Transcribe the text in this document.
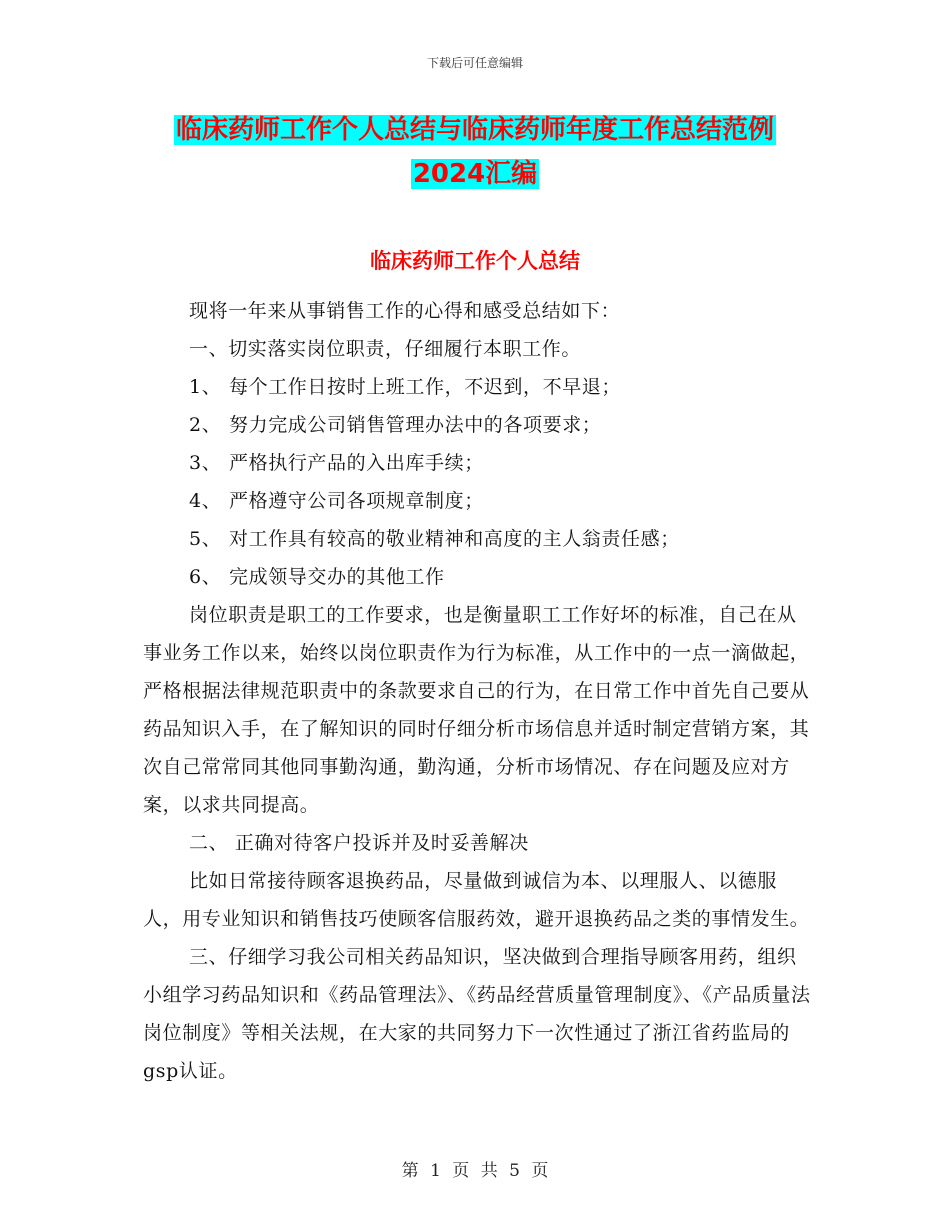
下载后可任意编辑
临床药师工作个人总结与临床药师年度工作总结范例
2024汇编
临床药师工作个人总结

现将一年来从事销售工作的心得和感受总结如下：

一、切实落实岗位职责，仔细履行本职工作。

1、 每个工作日按时上班工作，不迟到，不早退；

2、 努力完成公司销售管理办法中的各项要求；

3、 严格执行产品的入出库手续；

4、 严格遵守公司各项规章制度；

5、 对工作具有较高的敬业精神和高度的主人翁责任感；

6、 完成领导交办的其他工作

岗位职责是职工的工作要求，也是衡量职工工作好坏的标准，自己在从事业务工作以来，始终以岗位职责作为行为标准，从工作中的一点一滴做起，严格根据法律规范职责中的条款要求自己的行为，在日常工作中首先自己要从药品知识入手，在了解知识的同时仔细分析市场信息并适时制定营销方案，其次自己常常同其他同事勤沟通，勤沟通，分析市场情况、存在问题及应对方案，以求共同提高。

二、 正确对待客户投诉并及时妥善解决

比如日常接待顾客退换药品，尽量做到诚信为本、以理服人、以德服人，用专业知识和销售技巧使顾客信服药效，避开退换药品之类的事情发生。

三、仔细学习我公司相关药品知识，坚决做到合理指导顾客用药，组织小组学习药品知识和《药品管理法》、《药品经营质量管理制度》、《产品质量法岗位制度》等相关法规，在大家的共同努力下一次性通过了浙江省药监局的gsp认证。

第 1 页 共 5 页
